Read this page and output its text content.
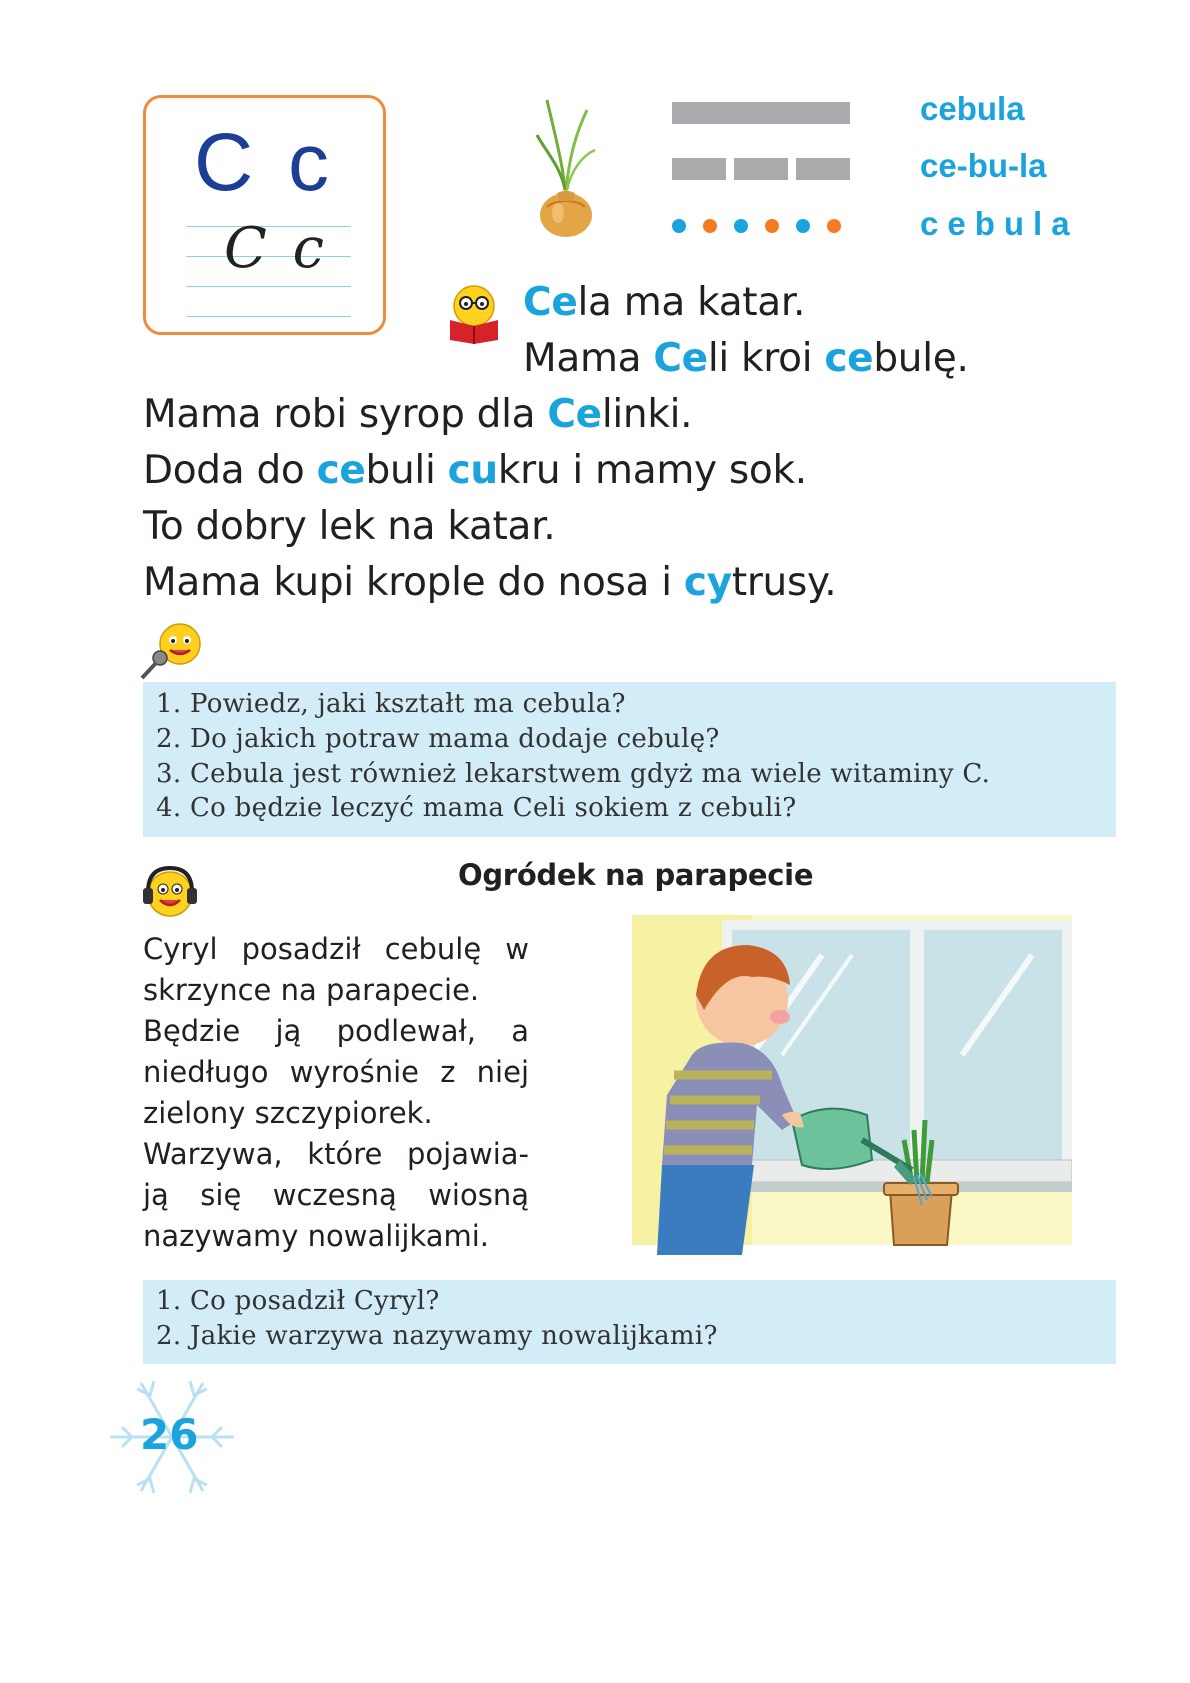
C c
C c
cebula
ce-bu-la
cebula
Cela ma katar.
Mama Celi kroi cebulę.
Mama robi syrop dla Celinki.
Doda do cebuli cukru i mamy sok.
To dobry lek na katar.
Mama kupi krople do nosa i cytrusy.
1. Powiedz, jaki kształt ma cebula?
2. Do jakich potraw mama dodaje cebulę?
3. Cebula jest również lekarstwem gdyż ma wiele witaminy C.
4. Co będzie leczyć mama Celi sokiem z cebuli?
Ogródek na parapecie
Cyryl posadził cebulę w
skrzynce na parapecie.
Będzie ją podlewał, a
niedługo wyrośnie z niej
zielony szczypiorek.
Warzywa, które pojawia-
ją się wczesną wiosną
nazywamy nowalijkami.
1. Co posadził Cyryl?
2. Jakie warzywa nazywamy nowalijkami?
26
